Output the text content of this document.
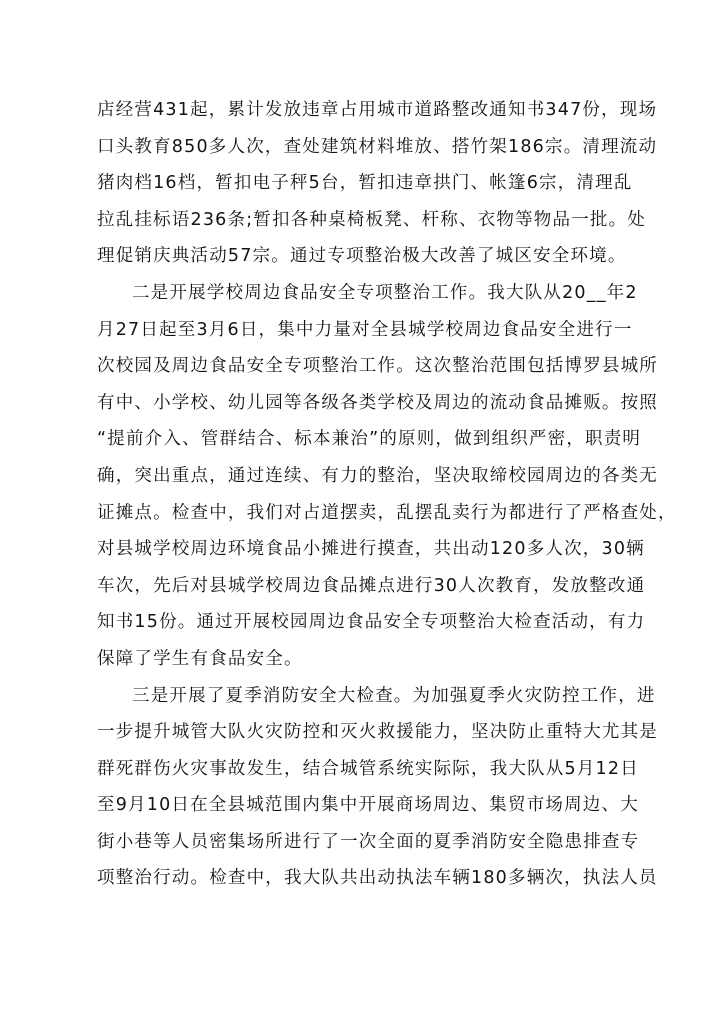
店经营431起，累计发放违章占用城市道路整改通知书347份，现场
口头教育850多人次，查处建筑材料堆放、搭竹架186宗。清理流动
猪肉档16档，暂扣电子秤5台，暂扣违章拱门、帐篷6宗，清理乱
拉乱挂标语236条;暂扣各种桌椅板凳、杆称、衣物等物品一批。处
理促销庆典活动57宗。通过专项整治极大改善了城区安全环境。
二是开展学校周边食品安全专项整治工作。我大队从20__年2
月27日起至3月6日，集中力量对全县城学校周边食品安全进行一
次校园及周边食品安全专项整治工作。这次整治范围包括博罗县城所
有中、小学校、幼儿园等各级各类学校及周边的流动食品摊贩。按照
“提前介入、管群结合、标本兼治”的原则，做到组织严密，职责明
确，突出重点，通过连续、有力的整治，坚决取缔校园周边的各类无
证摊点。检查中，我们对占道摆卖，乱摆乱卖行为都进行了严格查处，
对县城学校周边环境食品小摊进行摸查，共出动120多人次，30辆
车次，先后对县城学校周边食品摊点进行30人次教育，发放整改通
知书15份。通过开展校园周边食品安全专项整治大检查活动，有力
保障了学生有食品安全。
三是开展了夏季消防安全大检查。为加强夏季火灾防控工作，进
一步提升城管大队火灾防控和灭火救援能力，坚决防止重特大尤其是
群死群伤火灾事故发生，结合城管系统实际际，我大队从5月12日
至9月10日在全县城范围内集中开展商场周边、集贸市场周边、大
街小巷等人员密集场所进行了一次全面的夏季消防安全隐患排查专
项整治行动。检查中，我大队共出动执法车辆180多辆次，执法人员
